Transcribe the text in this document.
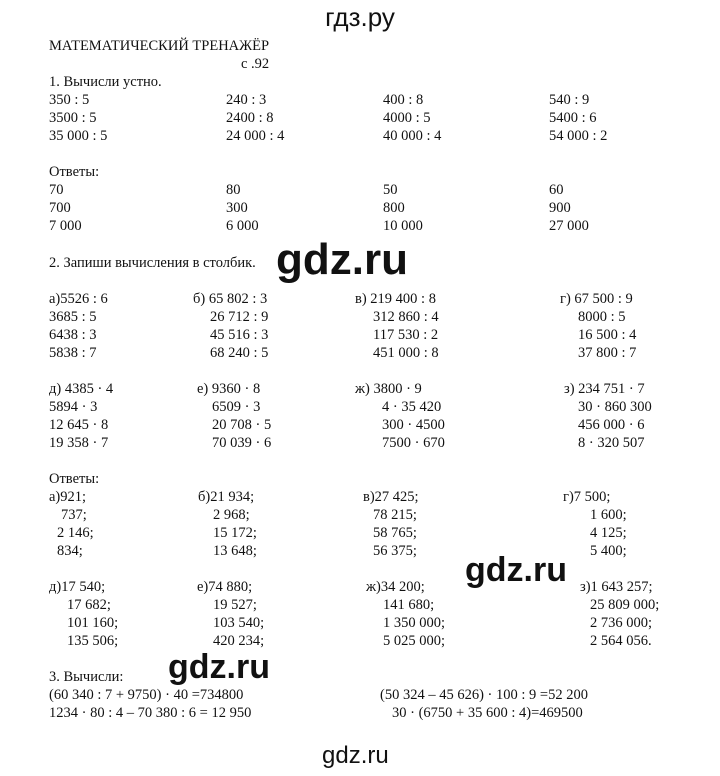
гдз.ру
МАТЕМАТИЧЕСКИЙ ТРЕНАЖЁР
с .92
1. Вычисли устно.
350 : 5	240 : 3	400 : 8	540 : 9
3500 : 5	2400 : 8	4000 : 5	5400 : 6
35 000 : 5	24 000 : 4	40 000 : 4	54 000 : 2
Ответы:
70	80	50	60
700	300	800	900
7 000	6 000	10 000	27 000
2. Запиши вычисления в столбик.
а)5526 : 6	б) 65 802 : 3	в) 219 400 : 8	г) 67 500 : 9
3685 : 5	26 712 : 9	312 860 : 4	8000 : 5
6438 : 3	45 516 : 3	117 530 : 2	16 500 : 4
5838 : 7	68 240 : 5	451 000 : 8	37 800 : 7
д) 4385 · 4	е) 9360 · 8	ж) 3800 · 9	з) 234 751 · 7
5894 · 3	6509 · 3	4 · 35 420	30 · 860 300
12 645 · 8	20 708 · 5	300 · 4500	456 000 · 6
19 358 · 7	70 039 · 6	7500 · 670	8 · 320 507
Ответы:
а)921;	б)21 934;	в)27 425;	г)7 500;
737;	2 968;	78 215;	1 600;
2 146;	15 172;	58 765;	4 125;
834;	13 648;	56 375;	5 400;
д)17 540;	е)74 880;	ж)34 200;	з)1 643 257;
17 682;	19 527;	141 680;	25 809 000;
101 160;	103 540;	1 350 000;	2 736 000;
135 506;	420 234;	5 025 000;	2 564 056.
3. Вычисли:
(60 340 : 7 + 9750) · 40 =734800	(50 324 – 45 626) · 100 : 9 =52 200
1234 · 80 : 4 – 70 380 : 6 = 12 950	30 · (6750 + 35 600 : 4)=469500
gdz.ru
gdz.ru
gdz.ru
gdz.ru
